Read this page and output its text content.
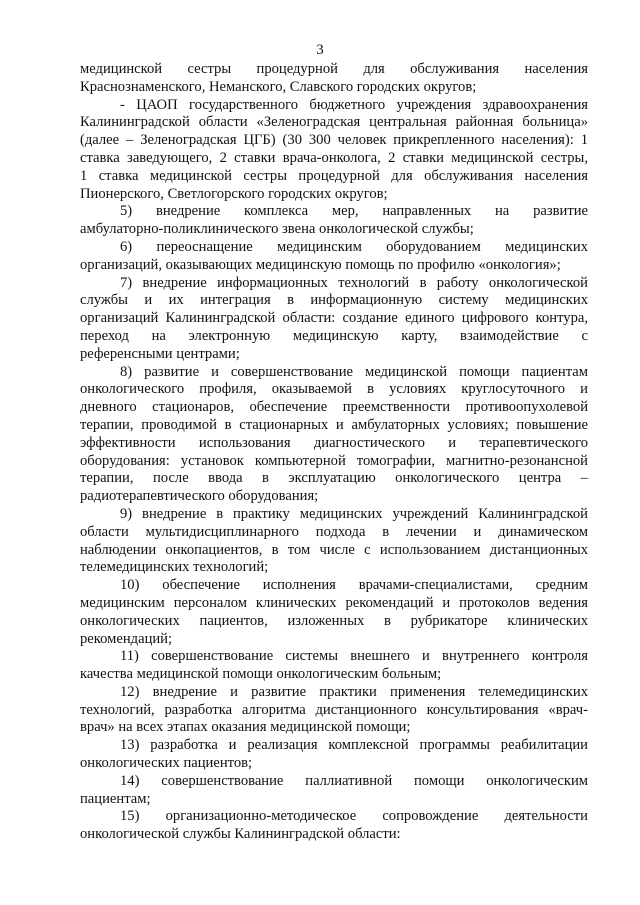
3
медицинской сестры процедурной для обслуживания населения
Краснознаменского, Неманского, Славского городских округов;
- ЦАОП государственного бюджетного учреждения здравоохранения
Калининградской области «Зеленоградская центральная районная больница»
(далее – Зеленоградская ЦГБ) (30 300 человек прикрепленного населения): 1
ставка заведующего, 2 ставки врача-онколога, 2 ставки медицинской сестры,
1 ставка медицинской сестры процедурной для обслуживания населения
Пионерского, Светлогорского городских округов;
5) внедрение комплекса мер, направленных на развитие
амбулаторно-поликлинического звена онкологической службы;
6) переоснащение медицинским оборудованием медицинских
организаций, оказывающих медицинскую помощь по профилю «онкология»;
7) внедрение информационных технологий в работу онкологической
службы и их интеграция в информационную систему медицинских
организаций Калининградской области: создание единого цифрового контура,
переход на электронную медицинскую карту, взаимодействие с
референсными центрами;
8) развитие и совершенствование медицинской помощи пациентам
онкологического профиля, оказываемой в условиях круглосуточного и
дневного стационаров, обеспечение преемственности противоопухолевой
терапии, проводимой в стационарных и амбулаторных условиях; повышение
эффективности использования диагностического и терапевтического
оборудования: установок компьютерной томографии, магнитно-резонансной
терапии, после ввода в эксплуатацию онкологического центра –
радиотерапевтического оборудования;
9) внедрение в практику медицинских учреждений Калининградской
области мультидисциплинарного подхода в лечении и динамическом
наблюдении онкопациентов, в том числе с использованием дистанционных
телемедицинских технологий;
10) обеспечение исполнения врачами-специалистами, средним
медицинским персоналом клинических рекомендаций и протоколов ведения
онкологических пациентов, изложенных в рубрикаторе клинических
рекомендаций;
11) совершенствование системы внешнего и внутреннего контроля
качества медицинской помощи онкологическим больным;
12) внедрение и развитие практики применения телемедицинских
технологий, разработка алгоритма дистанционного консультирования «врач-
врач» на всех этапах оказания медицинской помощи;
13) разработка и реализация комплексной программы реабилитации
онкологических пациентов;
14) совершенствование паллиативной помощи онкологическим
пациентам;
15) организационно-методическое сопровождение деятельности
онкологической службы Калининградской области:
